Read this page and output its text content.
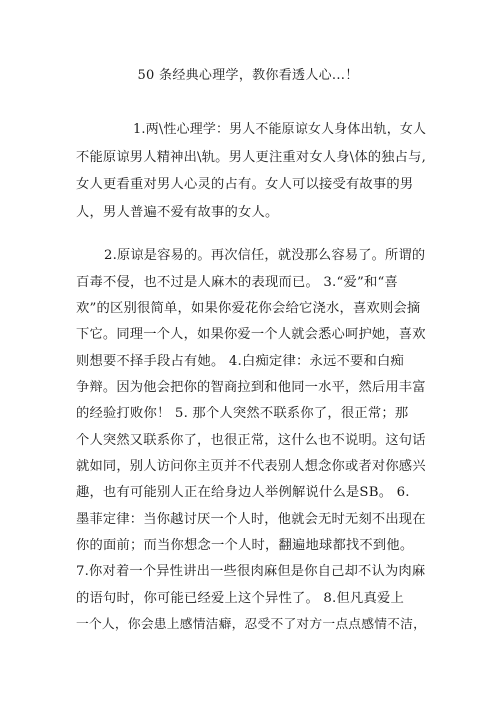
50 条经典心理学，教你看透人心...！
1.两\性心理学：男人不能原谅女人身体出轨，女人
不能原谅男人精神出\轨。男人更注重对女人身\体的独占与,
女人更看重对男人心灵的占有。女人可以接受有故事的男
人，男人普遍不爱有故事的女人。
2.原谅是容易的。再次信任，就没那么容易了。所谓的
百毒不侵，也不过是人麻木的表现而已。 3.“爱”和“喜
欢”的区别很简单，如果你爱花你会给它浇水，喜欢则会摘
下它。同理一个人，如果你爱一个人就会悉心呵护她，喜欢
则想要不择手段占有她。 4.白痴定律：永远不要和白痴
争辩。因为他会把你的智商拉到和他同一水平，然后用丰富
的经验打败你！ 5. 那个人突然不联系你了，很正常；那
个人突然又联系你了，也很正常，这什么也不说明。这句话
就如同，别人访问你主页并不代表别人想念你或者对你感兴
趣，也有可能别人正在给身边人举例解说什么是SB。 6.
墨菲定律：当你越讨厌一个人时，他就会无时无刻不出现在
你的面前；而当你想念一个人时，翻遍地球都找不到他。
7.你对着一个异性讲出一些很肉麻但是你自己却不认为肉麻
的语句时，你可能已经爱上这个异性了。 8.但凡真爱上
一个人，你会患上感情洁癖，忍受不了对方一点点感情不洁，
